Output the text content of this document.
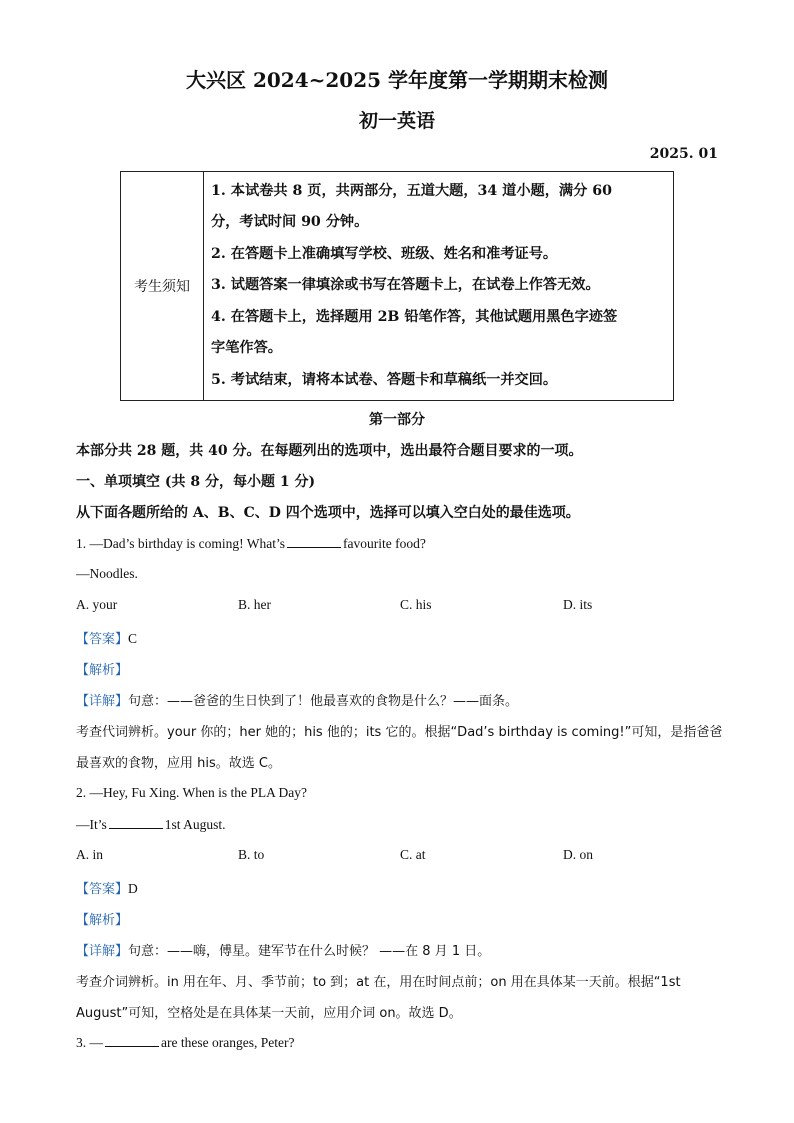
大兴区 2024~2025 学年度第一学期期末检测
初一英语
2025. 01
考生须知	
1. 本试卷共 8 页，共两部分，五道大题，34 道小题，满分 60
分，考试时间 90 分钟。
2. 在答题卡上准确填写学校、班级、姓名和准考证号。
3. 试题答案一律填涂或书写在答题卡上，在试卷上作答无效。
4. 在答题卡上，选择题用 2B 铅笔作答，其他试题用黑色字迹签
字笔作答。
5. 考试结束，请将本试卷、答题卡和草稿纸一并交回。
第一部分
本部分共 28 题，共 40 分。在每题列出的选项中，选出最符合题目要求的一项。
一、单项填空 (共 8 分，每小题 1 分)
从下面各题所给的 A、B、C、D 四个选项中，选择可以填入空白处的最佳选项。
1. —Dad’s birthday is coming! What’s	favourite food?
—Noodles.
A. your	B. her	C. his	D. its
【答案】C
【解析】
【详解】句意：——爸爸的生日快到了！他最喜欢的食物是什么？——面条。
考查代词辨析。your 你的；her 她的；his 他的；its 它的。根据“Dad’s birthday is coming!”可知，是指爸爸
最喜欢的食物，应用 his。故选 C。
2. —Hey, Fu Xing. When is the PLA Day?
—It’s	1st August.
A. in	B. to	C. at	D. on
【答案】D
【解析】
【详解】句意：——嗨，傅星。建军节在什么时候？ ——在 8 月 1 日。
考查介词辨析。in 用在年、月、季节前；to 到；at 在，用在时间点前；on 用在具体某一天前。根据“1st
August”可知，空格处是在具体某一天前，应用介词 on。故选 D。
3. —	are these oranges, Peter?
